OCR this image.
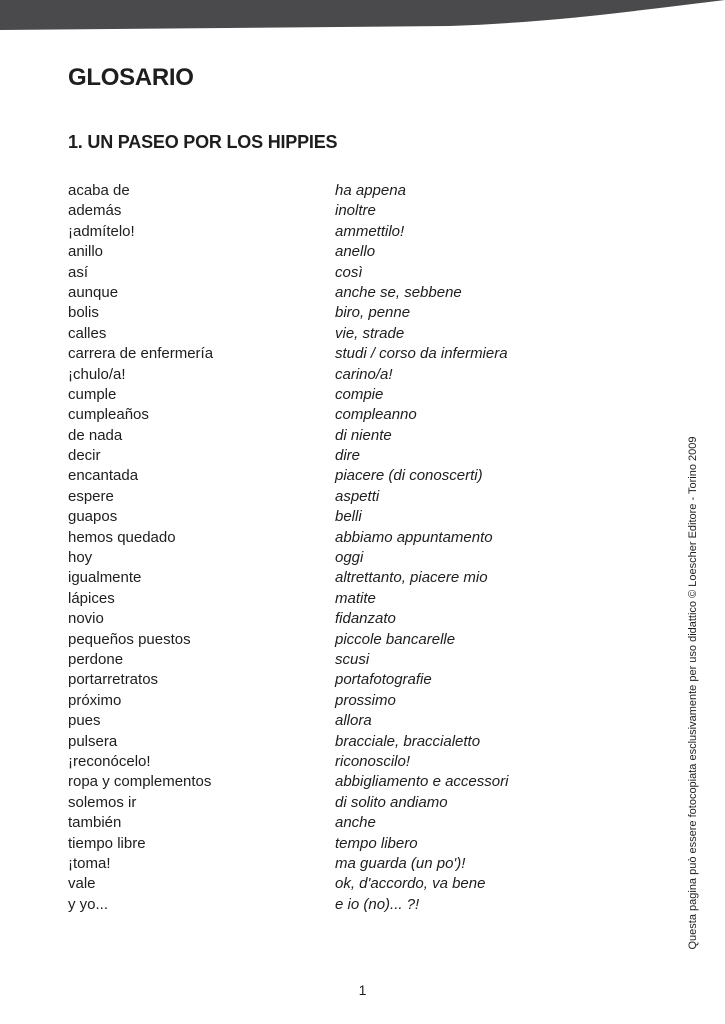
GLOSARIO
1. UN PASEO POR LOS HIPPIES
acaba de	ha appena
además	inoltre
¡admítelo!	ammettilo!
anillo	anello
así	così
aunque	anche se, sebbene
bolis	biro, penne
calles	vie, strade
carrera de enfermería	studi / corso da infermiera
¡chulo/a!	carino/a!
cumple	compie
cumpleaños	compleanno
de nada	di niente
decir	dire
encantada	piacere (di conoscerti)
espere	aspetti
guapos	belli
hemos quedado	abbiamo appuntamento
hoy	oggi
igualmente	altrettanto, piacere mio
lápices	matite
novio	fidanzato
pequeños puestos	piccole bancarelle
perdone	scusi
portarretratos	portafotografie
próximo	prossimo
pues	allora
pulsera	bracciale, braccialetto
¡reconócelo!	riconoscilo!
ropa y complementos	abbigliamento e accessori
solemos ir	di solito andiamo
también	anche
tiempo libre	tempo libero
¡toma!	ma guarda (un po')!
vale	ok, d'accordo, va bene
y yo...	e io (no)... ?!	Questa pagina può essere fotocopiata esclusivamente per uso didattico © Loescher Editore - Torino 2009
1
